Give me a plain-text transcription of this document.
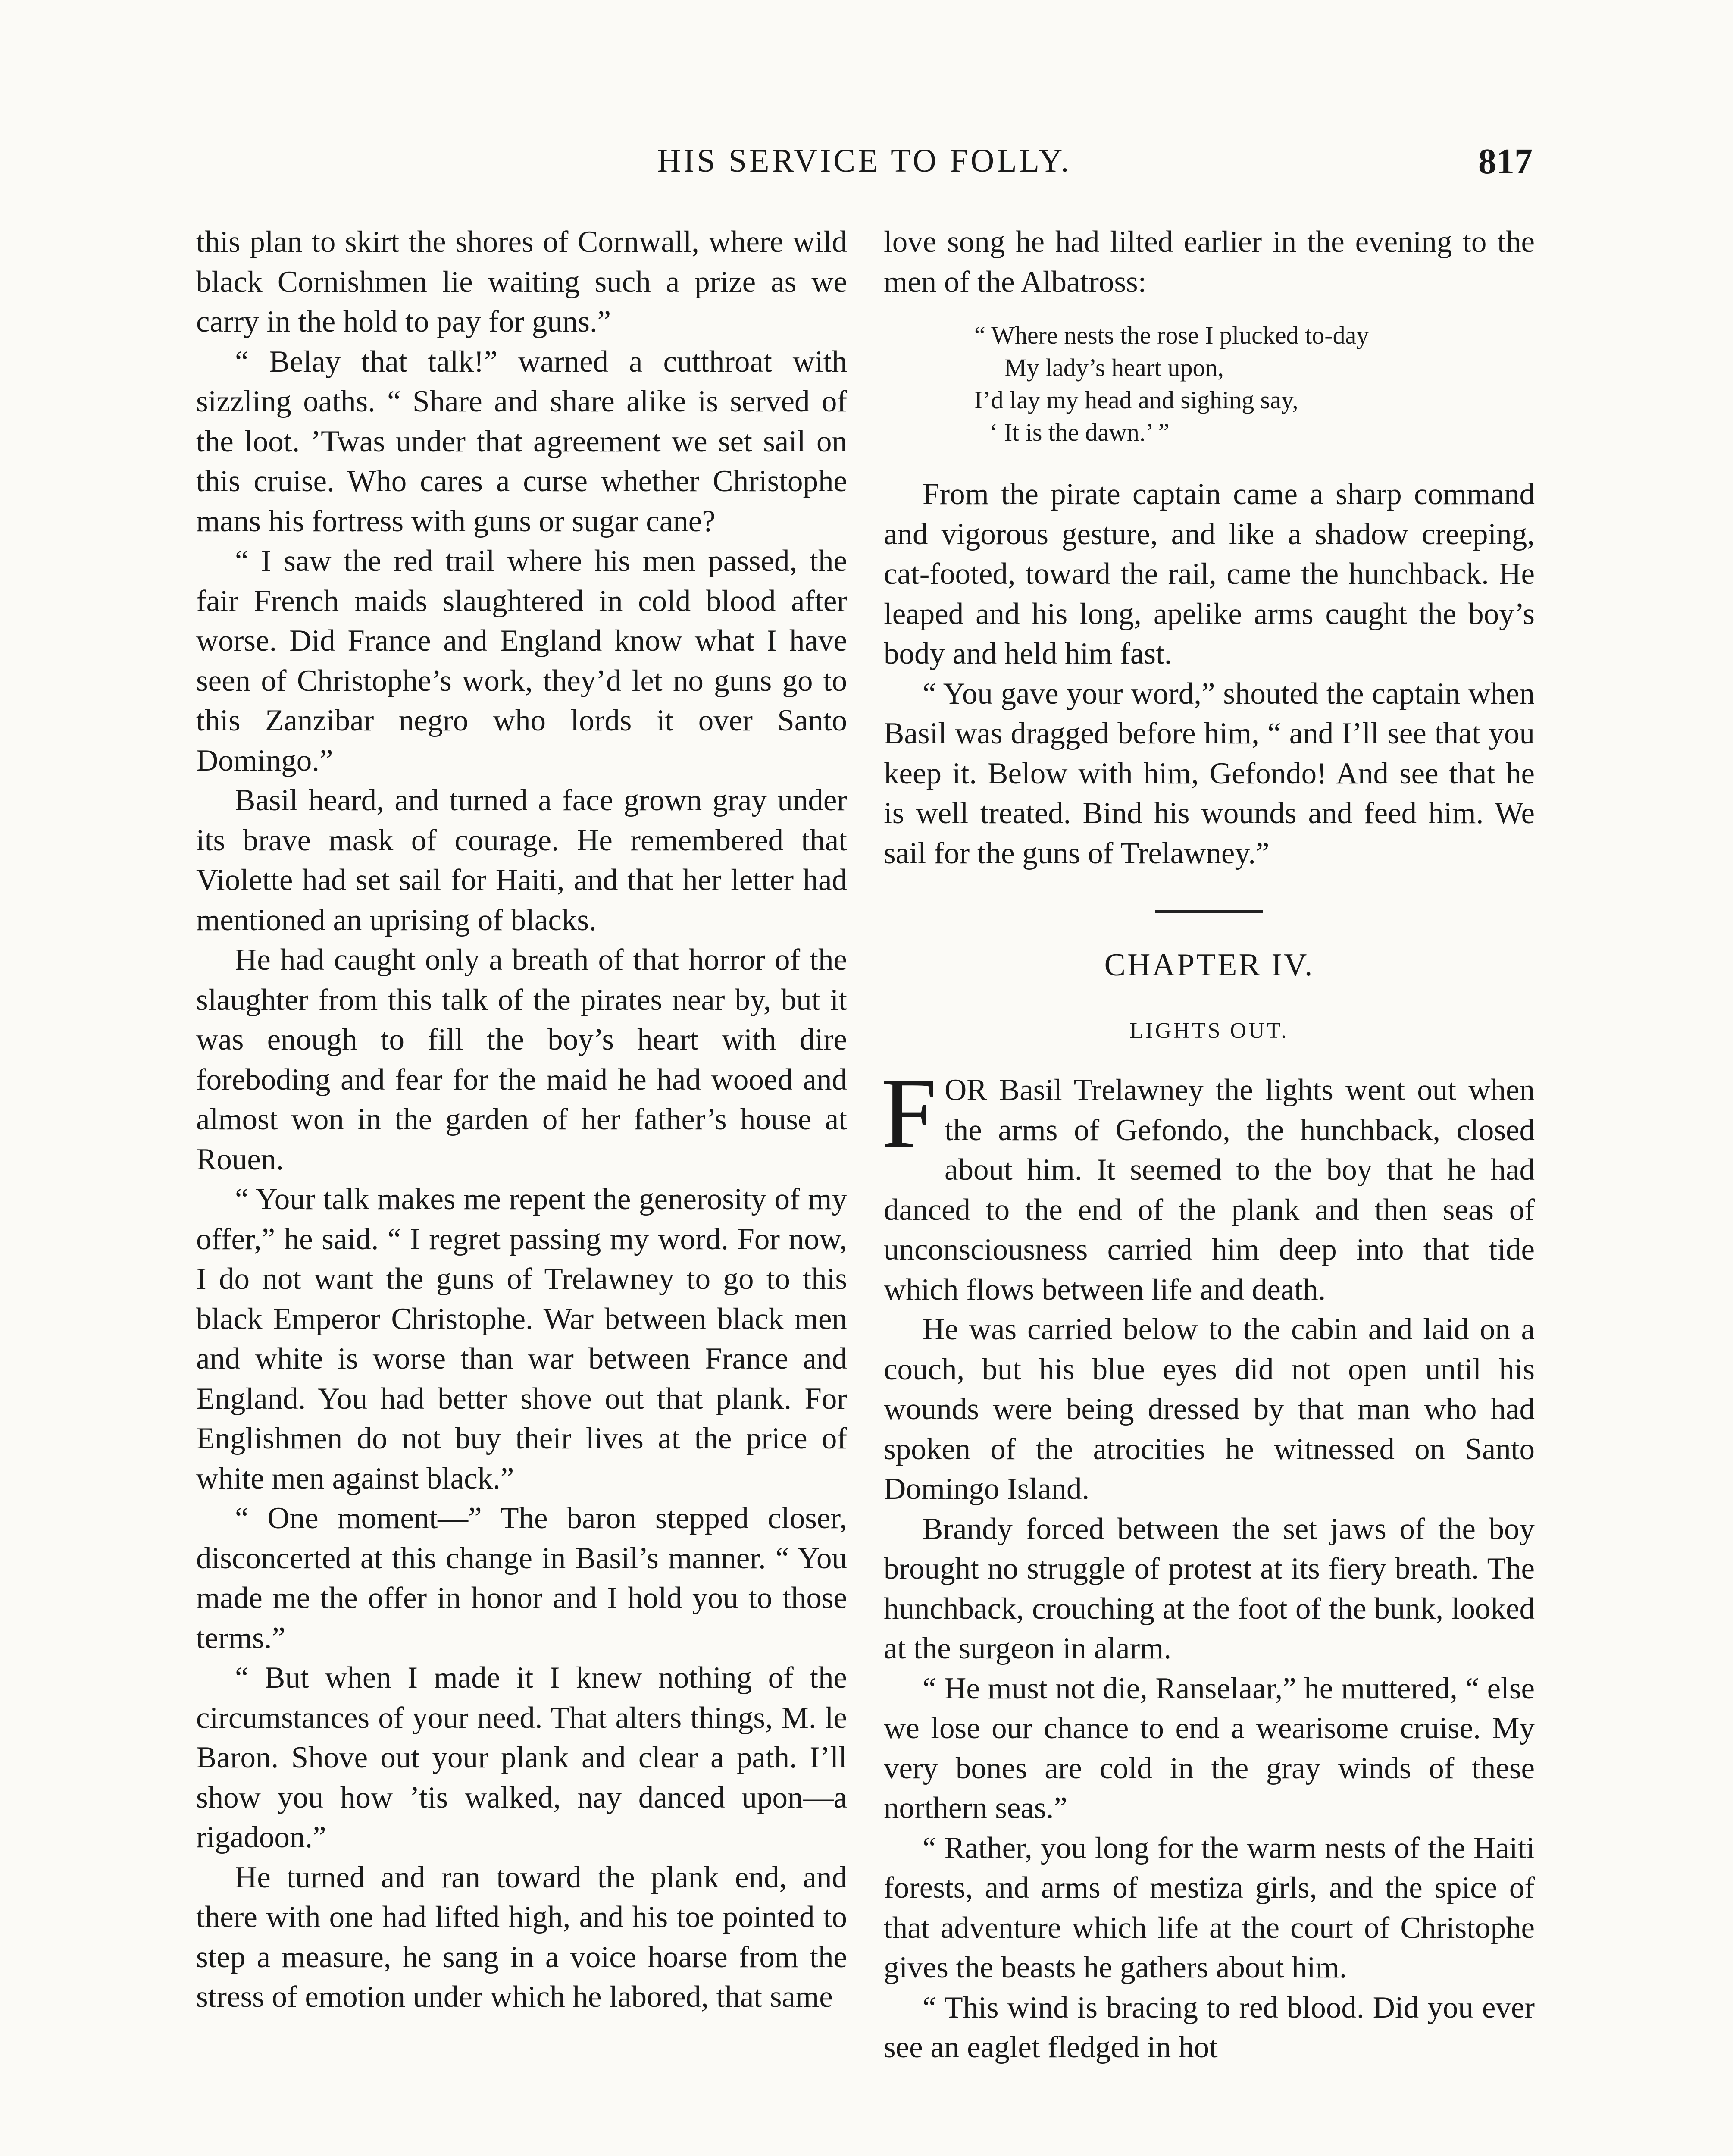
HIS SERVICE TO FOLLY.	817

this plan to skirt the shores of Cornwall, where wild black Cornishmen lie waiting such a prize as we carry in the hold to pay for guns.”

“ Belay that talk!” warned a cutthroat with sizzling oaths. “ Share and share alike is served of the loot. ’Twas under that agreement we set sail on this cruise. Who cares a curse whether Christophe mans his fortress with guns or sugar cane?

“ I saw the red trail where his men passed, the fair French maids slaughtered in cold blood after worse. Did France and England know what I have seen of Christophe’s work, they’d let no guns go to this Zanzibar negro who lords it over Santo Domingo.”

Basil heard, and turned a face grown gray under its brave mask of courage. He remembered that Violette had set sail for Haiti, and that her letter had mentioned an uprising of blacks.

He had caught only a breath of that horror of the slaughter from this talk of the pirates near by, but it was enough to fill the boy’s heart with dire foreboding and fear for the maid he had wooed and almost won in the garden of her father’s house at Rouen.

“ Your talk makes me repent the generosity of my offer,” he said. “ I regret passing my word. For now, I do not want the guns of Trelawney to go to this black Emperor Christophe. War between black men and white is worse than war between France and England. You had better shove out that plank. For Englishmen do not buy their lives at the price of white men against black.”

“ One moment—” The baron stepped closer, disconcerted at this change in Basil’s manner. “ You made me the offer in honor and I hold you to those terms.”

“ But when I made it I knew nothing of the circumstances of your need. That alters things, M. le Baron. Shove out your plank and clear a path. I’ll show you how ’tis walked, nay danced upon—a rigadoon.”

He turned and ran toward the plank end, and there with one had lifted high, and his toe pointed to step a measure, he sang in a voice hoarse from the stress of emotion under which he labored, that same

love song he had lilted earlier in the evening to the men of the Albatross:

“ Where nests the rose I plucked to-day
My lady’s heart upon,
I’d lay my head and sighing say,
‘ It is the dawn.’ ”

From the pirate captain came a sharp command and vigorous gesture, and like a shadow creeping, cat-footed, toward the rail, came the hunchback. He leaped and his long, apelike arms caught the boy’s body and held him fast.

“ You gave your word,” shouted the captain when Basil was dragged before him, “ and I’ll see that you keep it. Below with him, Gefondo! And see that he is well treated. Bind his wounds and feed him. We sail for the guns of Trelawney.”

CHAPTER IV.
LIGHTS OUT.

FOR Basil Trelawney the lights went out when the arms of Gefondo, the hunchback, closed about him. It seemed to the boy that he had danced to the end of the plank and then seas of unconsciousness carried him deep into that tide which flows between life and death.

He was carried below to the cabin and laid on a couch, but his blue eyes did not open until his wounds were being dressed by that man who had spoken of the atrocities he witnessed on Santo Domingo Island.

Brandy forced between the set jaws of the boy brought no struggle of protest at its fiery breath. The hunchback, crouching at the foot of the bunk, looked at the surgeon in alarm.

“ He must not die, Ranselaar,” he muttered, “ else we lose our chance to end a wearisome cruise. My very bones are cold in the gray winds of these northern seas.”

“ Rather, you long for the warm nests of the Haiti forests, and arms of mestiza girls, and the spice of that adventure which life at the court of Christophe gives the beasts he gathers about him.

“ This wind is bracing to red blood. Did you ever see an eaglet fledged in hot
